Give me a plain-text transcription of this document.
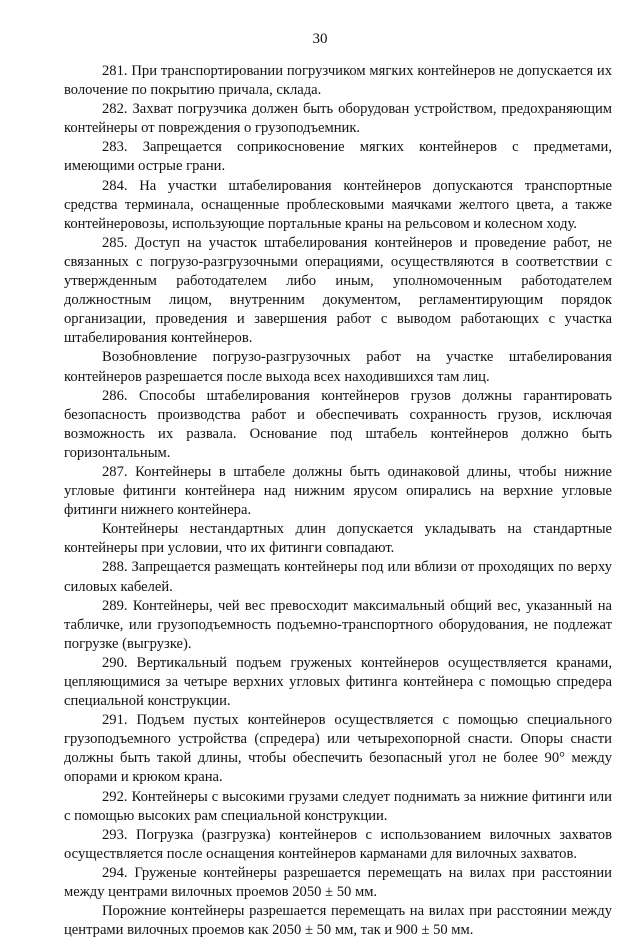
30

281. При транспортировании погрузчиком мягких контейнеров не допускается их волочение по покрытию причала, склада.

282. Захват погрузчика должен быть оборудован устройством, предохраняющим контейнеры от повреждения о грузоподъемник.

283. Запрещается соприкосновение мягких контейнеров с предметами, имеющими острые грани.

284. На участки штабелирования контейнеров допускаются транспортные средства терминала, оснащенные проблесковыми маячками желтого цвета, а также контейнеровозы, использующие портальные краны на рельсовом и колесном ходу.

285. Доступ на участок штабелирования контейнеров и проведение работ, не связанных с погрузо-разгрузочными операциями, осуществляются в соответствии с утвержденным работодателем либо иным, уполномоченным работодателем должностным лицом, внутренним документом, регламентирующим порядок организации, проведения и завершения работ с выводом работающих с участка штабелирования контейнеров.

Возобновление погрузо-разгрузочных работ на участке штабелирования контейнеров разрешается после выхода всех находившихся там лиц.

286. Способы штабелирования контейнеров грузов должны гарантировать безопасность производства работ и обеспечивать сохранность грузов, исключая возможность их развала. Основание под штабель контейнеров должно быть горизонтальным.

287. Контейнеры в штабеле должны быть одинаковой длины, чтобы нижние угловые фитинги контейнера над нижним ярусом опирались на верхние угловые фитинги нижнего контейнера.

Контейнеры нестандартных длин допускается укладывать на стандартные контейнеры при условии, что их фитинги совпадают.

288. Запрещается размещать контейнеры под или вблизи от проходящих по верху силовых кабелей.

289. Контейнеры, чей вес превосходит максимальный общий вес, указанный на табличке, или грузоподъемность подъемно-транспортного оборудования, не подлежат погрузке (выгрузке).

290. Вертикальный подъем груженых контейнеров осуществляется кранами, цепляющимися за четыре верхних угловых фитинга контейнера с помощью спредера специальной конструкции.

291. Подъем пустых контейнеров осуществляется с помощью специального грузоподъемного устройства (спредера) или четырехопорной снасти. Опоры снасти должны быть такой длины, чтобы обеспечить безопасный угол не более 90° между опорами и крюком крана.

292. Контейнеры с высокими грузами следует поднимать за нижние фитинги или с помощью высоких рам специальной конструкции.

293. Погрузка (разгрузка) контейнеров с использованием вилочных захватов осуществляется после оснащения контейнеров карманами для вилочных захватов.

294. Груженые контейнеры разрешается перемещать на вилах при расстоянии между центрами вилочных проемов 2050 ± 50 мм.

Порожние контейнеры разрешается перемещать на вилах при расстоянии между центрами вилочных проемов как 2050 ± 50 мм, так и 900 ± 50 мм.
